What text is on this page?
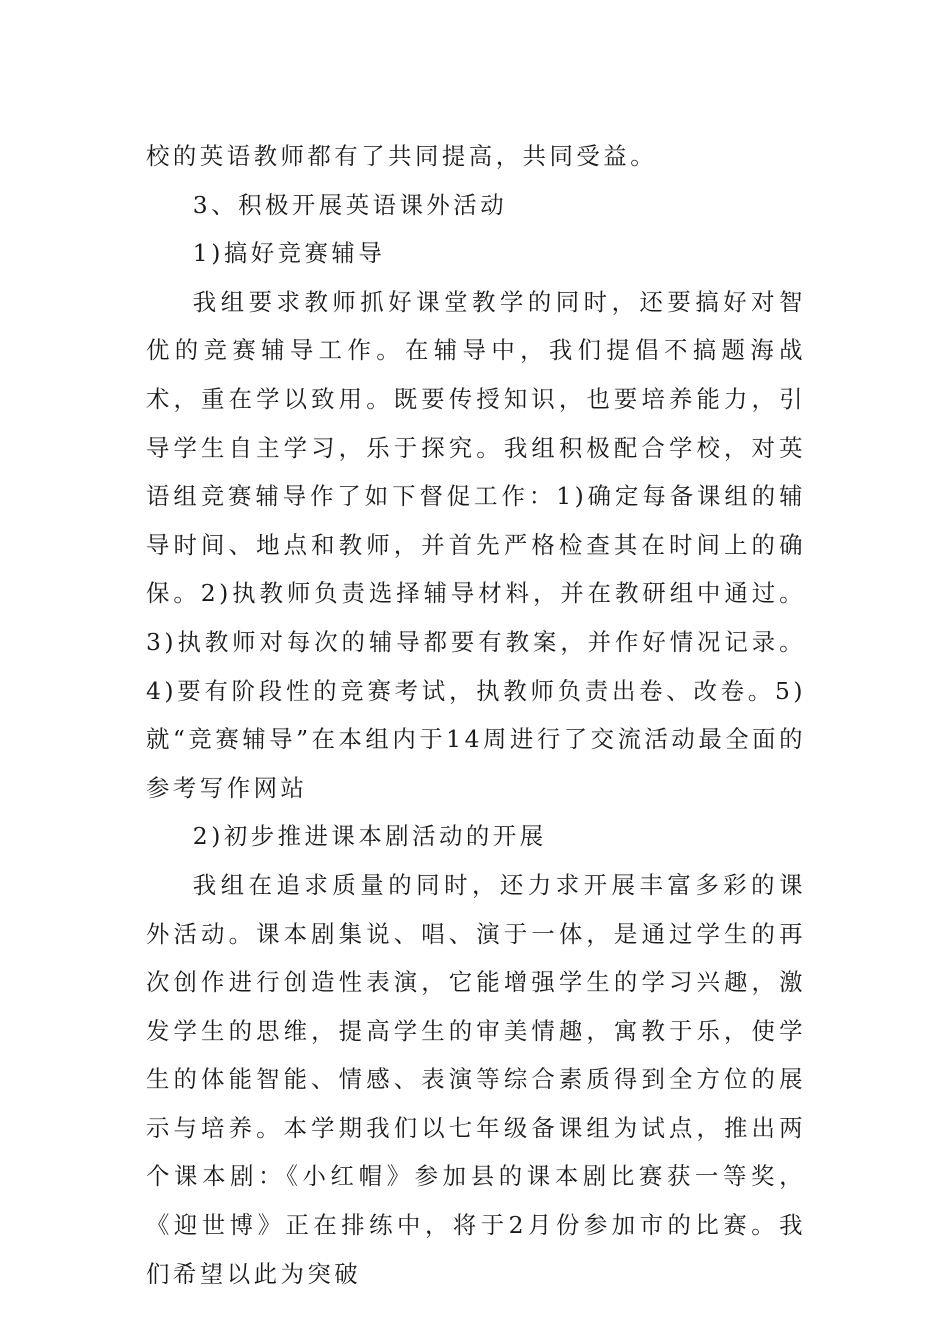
校的英语教师都有了共同提高，共同受益。

3、积极开展英语课外活动

1)搞好竞赛辅导

我组要求教师抓好课堂教学的同时，还要搞好对智优的竞赛辅导工作。在辅导中，我们提倡不搞题海战术，重在学以致用。既要传授知识，也要培养能力，引导学生自主学习，乐于探究。我组积极配合学校，对英语组竞赛辅导作了如下督促工作：1)确定每备课组的辅导时间、地点和教师，并首先严格检查其在时间上的确保。2)执教师负责选择辅导材料，并在教研组中通过。3)执教师对每次的辅导都要有教案，并作好情况记录。4)要有阶段性的竞赛考试，执教师负责出卷、改卷。5)就“竞赛辅导”在本组内于14周进行了交流活动最全面的参考写作网站

2)初步推进课本剧活动的开展

我组在追求质量的同时，还力求开展丰富多彩的课外活动。课本剧集说、唱、演于一体，是通过学生的再次创作进行创造性表演，它能增强学生的学习兴趣，激发学生的思维，提高学生的审美情趣，寓教于乐，使学生的体能智能、情感、表演等综合素质得到全方位的展示与培养。本学期我们以七年级备课组为试点，推出两个课本剧：《小红帽》参加县的课本剧比赛获一等奖，《迎世博》正在排练中，将于2月份参加市的比赛。我们希望以此为突破
